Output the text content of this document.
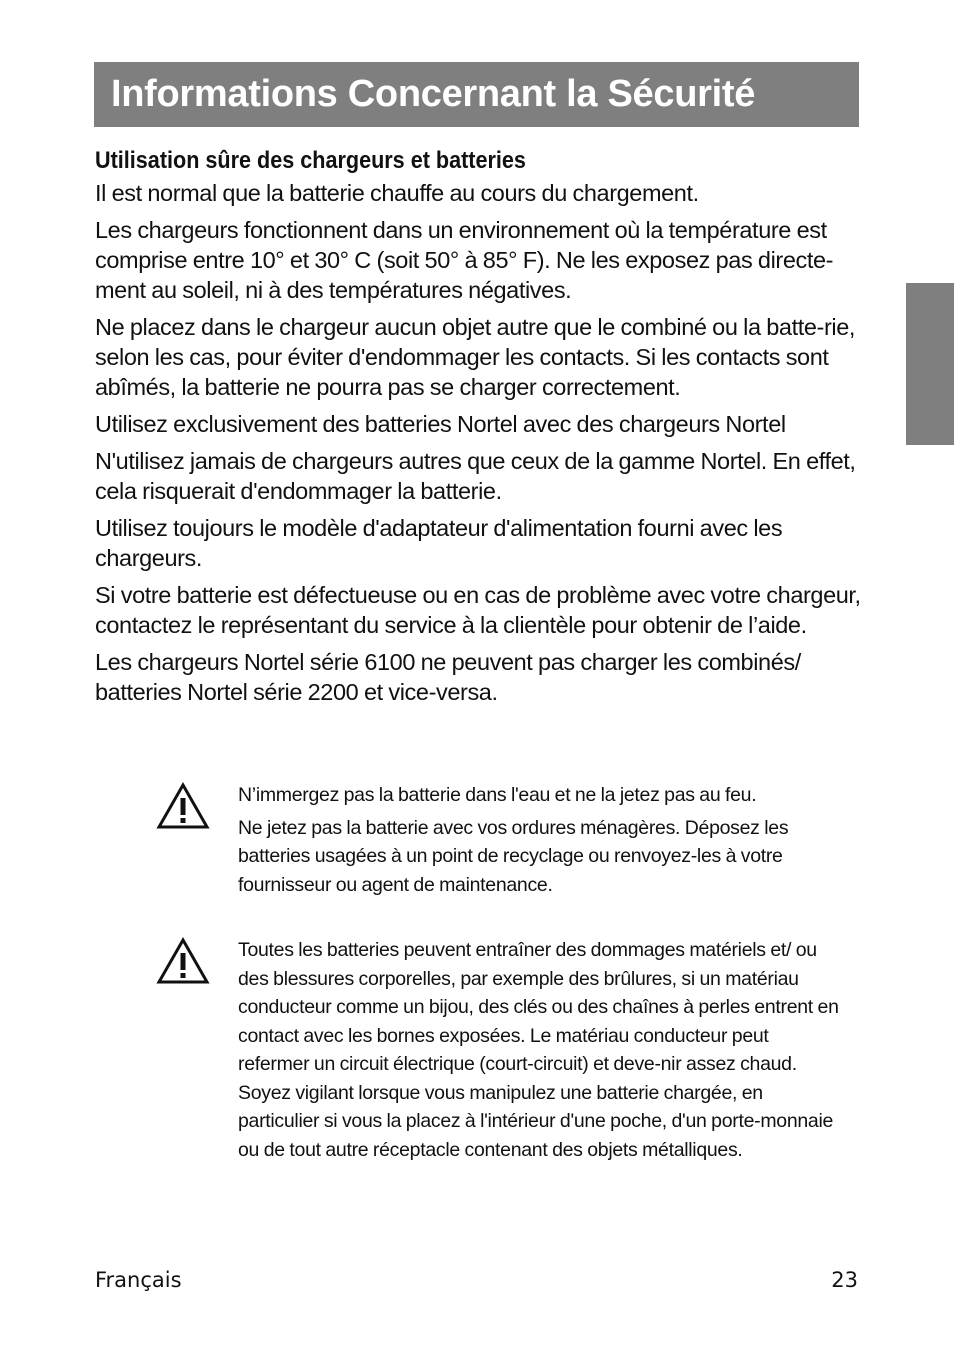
Informations Concernant la Sécurité
Utilisation sûre des chargeurs et batteries

Il est normal que la batterie chauffe au cours du chargement.

Les chargeurs fonctionnent dans un environnement où la température est comprise entre 10° et 30° C (soit 50° à 85° F). Ne les exposez pas directe-ment au soleil, ni à des températures négatives.

Ne placez dans le chargeur aucun objet autre que le combiné ou la batte-rie, selon les cas, pour éviter d'endommager les contacts. Si les contacts sont abîmés, la batterie ne pourra pas se charger correctement.

Utilisez exclusivement des batteries Nortel avec des chargeurs Nortel

N'utilisez jamais de chargeurs autres que ceux de la gamme Nortel. En effet, cela risquerait d'endommager la batterie.

Utilisez toujours le modèle d'adaptateur d'alimentation fourni avec les chargeurs.

Si votre batterie est défectueuse ou en cas de problème avec votre chargeur, contactez le représentant du service à la clientèle pour obtenir de l’aide.

Les chargeurs Nortel série 6100 ne peuvent pas charger les combinés/ batteries Nortel série 2200 et vice-versa.

N’immergez pas la batterie dans l'eau et ne la jetez pas au feu.

Ne jetez pas la batterie avec vos ordures ménagères. Déposez les batteries usagées à un point de recyclage ou renvoyez-les à votre fournisseur ou agent de maintenance.

Toutes les batteries peuvent entraîner des dommages matériels et/ ou des blessures corporelles, par exemple des brûlures, si un matériau conducteur comme un bijou, des clés ou des chaînes à perles entrent en contact avec les bornes exposées. Le matériau conducteur peut refermer un circuit électrique (court-circuit) et deve-nir assez chaud. Soyez vigilant lorsque vous manipulez une batterie chargée, en particulier si vous la placez à l'intérieur d'une poche, d'un porte-monnaie ou de tout autre réceptacle contenant des objets métalliques.

Français	23
